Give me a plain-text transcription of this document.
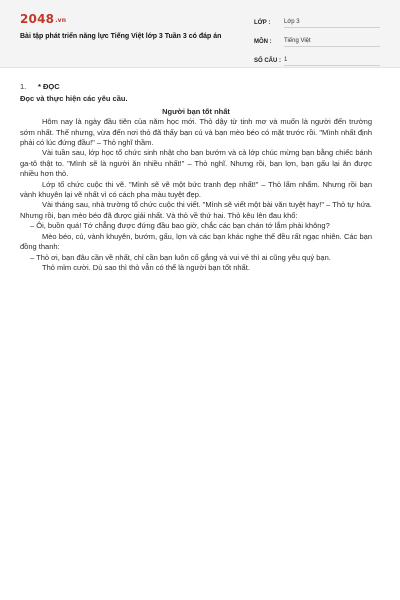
2048.vn
Bài tập phát triển năng lực Tiếng Việt lớp 3 Tuần 3 có đáp án
LỚP :	Lớp 3
MÔN :	Tiếng Việt
SỐ CÂU : 1
1.	* ĐỌC
Đọc và thực hiện các yêu cầu.
Người bạn tốt nhất

Hôm nay là ngày đầu tiên của năm học mới. Thỏ dậy từ tinh mơ và muốn là người đến trường sớm nhất. Thế nhưng, vừa đến nơi thỏ đã thấy bạn cú và bạn mèo béo có mặt trước rồi. "Mình nhất định phải có lúc đứng đầu!" – Thỏ nghĩ thầm.

Vài tuần sau, lớp học tổ chức sinh nhật cho bạn bướm và cả lớp chúc mừng bạn bằng chiếc bánh ga-tô thật to. "Mình sẽ là người ăn nhiều nhất!" – Thỏ nghĩ. Nhưng rồi, bạn lợn, bạn gấu lại ăn được nhiều hơn thỏ.

Lớp tổ chức cuộc thi vẽ. "Mình sẽ vẽ một bức tranh đẹp nhất!" – Thỏ lẩm nhẩm. Nhưng rồi bạn vành khuyên lại vẽ nhất vì có cách pha màu tuyệt đẹp.

Vài tháng sau, nhà trường tổ chức cuộc thi viết. "Mình sẽ viết một bài văn tuyệt hay!" – Thỏ tự hứa. Nhưng rồi, bạn mèo béo đã được giải nhất. Và thỏ về thứ hai. Thỏ kêu lên đau khổ:

– Ôi, buồn quá! Tớ chẳng được đứng đầu bao giờ, chắc các bạn chán tớ lắm phải không?

Mèo béo, cú, vành khuyên, bướm, gấu, lợn và các bạn khác nghe thế đều rất ngạc nhiên. Các bạn đồng thanh:

– Thỏ ơi, bạn đâu cần về nhất, chỉ cần bạn luôn cố gắng và vui vẻ thì ai cũng yêu quý bạn.

Thỏ mỉm cười. Dù sao thì thỏ vẫn có thể là người bạn tốt nhất.
